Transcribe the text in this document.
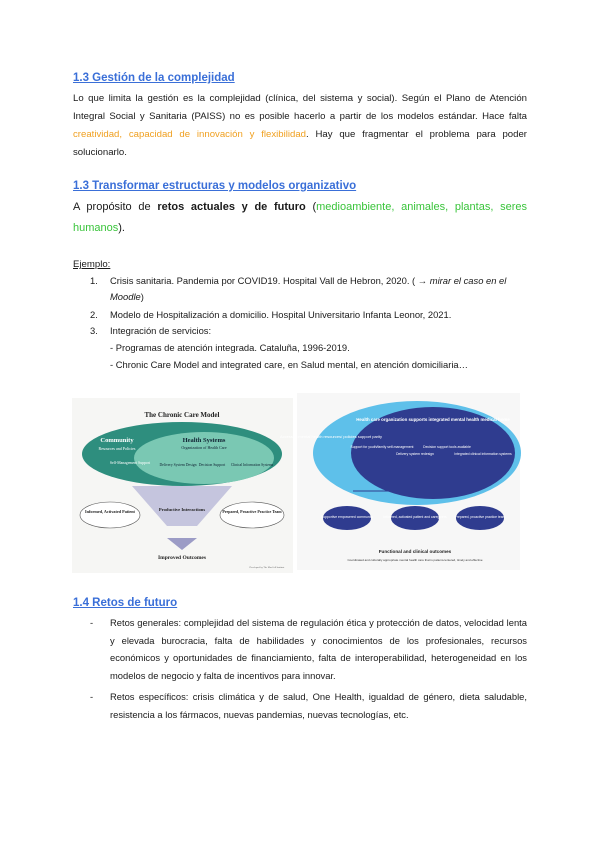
1.3 Gestión de la complejidad
Lo que limita la gestión es la complejidad (clínica, del sistema y social). Según el Plano de Atención Integral Social y Sanitaria (PAISS) no es posible hacerlo a partir de los modelos estándar. Hace falta creatividad, capacidad de innovación y flexibilidad. Hay que fragmentar el problema para poder solucionarlo.
1.3 Transformar estructuras y modelos organizativo
A propósito de retos actuales y de futuro (medioambiente, animales, plantas, seres humanos).
Ejemplo:
1. Crisis sanitaria. Pandemia por COVID19. Hospital Vall de Hebron, 2020. ( → mirar el caso en el Moodle)
2. Modelo de Hospitalización a domicilio. Hospital Universitario Infanta Leonor, 2021.
3. Integración de servicios:
- Programas de atención integrada. Cataluña, 1996-2019.
- Chronic Care Model and integrated care, en Salud mental, en atención domiciliaria…
The Chronic Care Model
Community
Resources and Policies
Health Systems
Organization of Health Care
Self-Management Support Delivery System Design Decision Support Clinical Information Systems
Informed, Activated Patient	Productive Interactions	Prepared, Proactive Practice Team
Improved Outcomes
Developed by The MacColl Institute
Access to mental health resources/ policies support parity
Health care organization supports integrated mental health medical home
Support for youth/family self-management
Delivery system redesign
Decision support tools available
Integrated clinical information systems
Supportive empowered community	Informed, activated patient and caregivers Prepared, proactive practice team
Functional and clinical outcomes
Coordinated and culturally appropriate mental health care that is patient-centered, timely and effective
1.4 Retos de futuro
- Retos generales: complejidad del sistema de regulación ética y protección de datos, velocidad lenta y elevada burocracia, falta de habilidades y conocimientos de los profesionales, recursos económicos y oportunidades de financiamiento, falta de interoperabilidad, heterogeneidad en los modelos de negocio y falta de incentivos para innovar.
- Retos específicos: crisis climática y de salud, One Health, igualdad de género, dieta saludable, resistencia a los fármacos, nuevas pandemias, nuevas tecnologías, etc.
